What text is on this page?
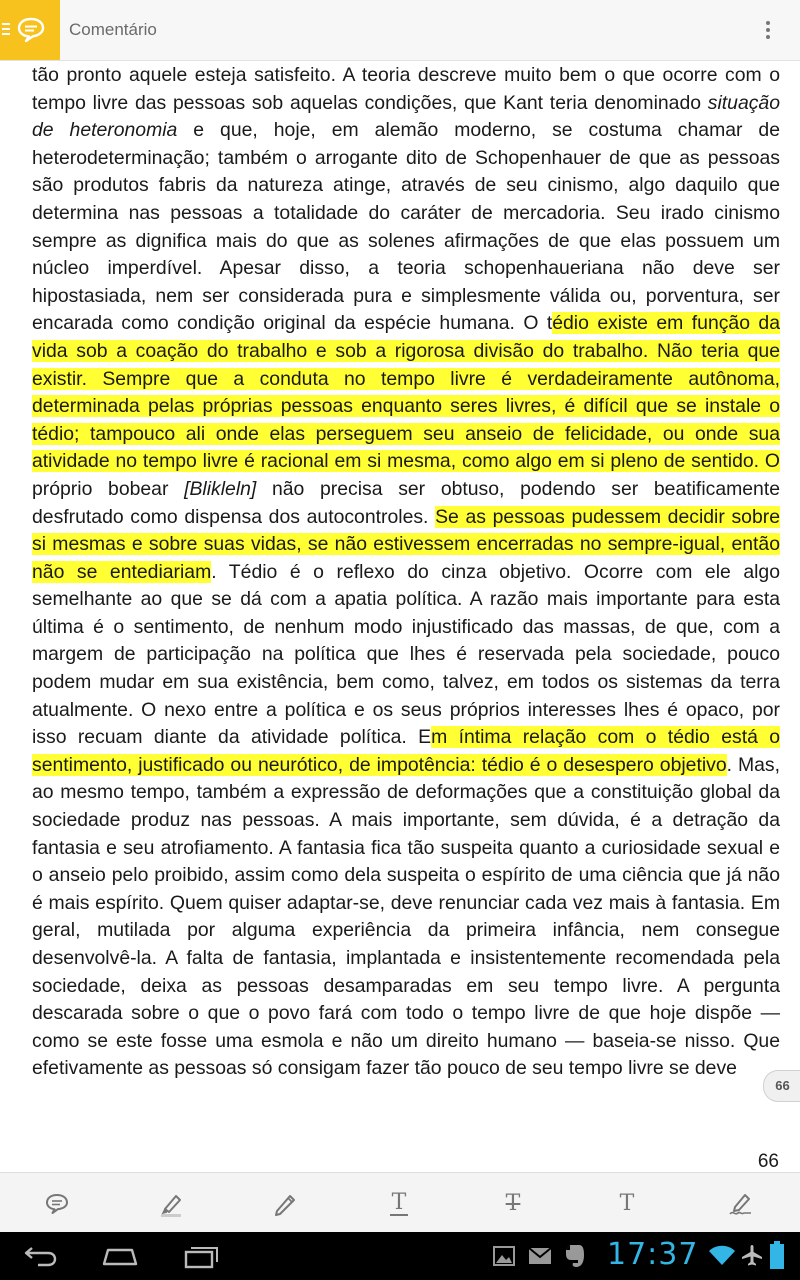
Comentário

tão pronto aquele esteja satisfeito. A teoria descreve muito bem o que ocorre com o tempo livre das pessoas sob aquelas condições, que Kant teria denominado situação de heteronomia e que, hoje, em alemão moderno, se costuma chamar de heterodeterminação; também o arrogante dito de Schopenhauer de que as pessoas são produtos fabris da natureza atinge, através de seu cinismo, algo daquilo que determina nas pessoas a totalidade do caráter de mercadoria. Seu irado cinismo sempre as dignifica mais do que as solenes afirmações de que elas possuem um núcleo imperdível. Apesar disso, a teoria schopenhaueriana não deve ser hipostasiada, nem ser considerada pura e simplesmente válida ou, porventura, ser encarada como condição original da espécie humana. O tédio existe em função da vida sob a coação do trabalho e sob a rigorosa divisão do trabalho. Não teria que existir. Sempre que a conduta no tempo livre é verdadeiramente autônoma, determinada pelas próprias pessoas enquanto seres livres, é difícil que se instale o tédio; tampouco ali onde elas perseguem seu anseio de felicidade, ou onde sua atividade no tempo livre é racional em si mesma, como algo em si pleno de sentido. O próprio bobear [Blikleln] não precisa ser obtuso, podendo ser beatificamente desfrutado como dispensa dos autocontroles. Se as pessoas pudessem decidir sobre si mesmas e sobre suas vidas, se não estivessem encerradas no sempre-igual, então não se entediariam. Tédio é o reflexo do cinza objetivo. Ocorre com ele algo semelhante ao que se dá com a apatia política. A razão mais importante para esta última é o sentimento, de nenhum modo injustificado das massas, de que, com a margem de participação na política que lhes é reservada pela sociedade, pouco podem mudar em sua existência, bem como, talvez, em todos os sistemas da terra atualmente. O nexo entre a política e os seus próprios interesses lhes é opaco, por isso recuam diante da atividade política. Em íntima relação com o tédio está o sentimento, justificado ou neurótico, de impotência: tédio é o desespero objetivo. Mas, ao mesmo tempo, também a expressão de deformações que a constituição global da sociedade produz nas pessoas. A mais importante, sem dúvida, é a detração da fantasia e seu atrofiamento. A fantasia fica tão suspeita quanto a curiosidade sexual e o anseio pelo proibido, assim como dela suspeita o espírito de uma ciência que já não é mais espírito. Quem quiser adaptar-se, deve renunciar cada vez mais à fantasia. Em geral, mutilada por alguma experiência da primeira infância, nem consegue desenvolvê-la. A falta de fantasia, implantada e insistentemente recomendada pela sociedade, deixa as pessoas desamparadas em seu tempo livre. A pergunta descarada sobre o que o povo fará com todo o tempo livre de que hoje dispõe — como se este fosse uma esmola e não um direito humano — baseia-se nisso. Que efetivamente as pessoas só consigam fazer tão pouco de seu tempo livre se deve

66
66
T	T	T
17:37
